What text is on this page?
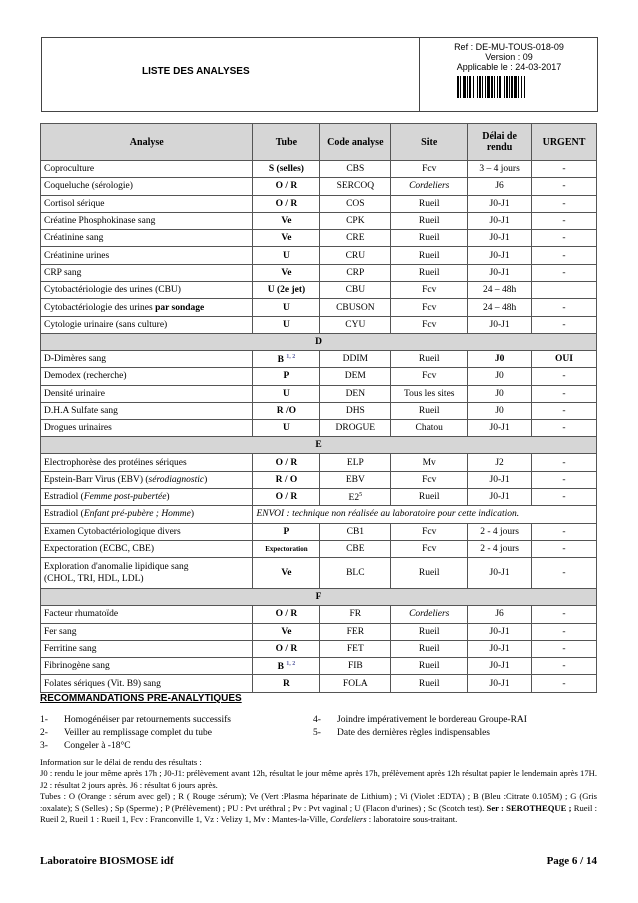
LISTE DES ANALYSES
Ref : DE-MU-TOUS-018-09
Version : 09
Applicable le : 24-03-2017
Analyse	Tube	Code analyse	Site	Délai de rendu	URGENT
Coproculture	S (selles)	CBS	Fcv	3 – 4 jours	-
Coqueluche (sérologie)	O / R	SERCOQ	Cordeliers	J6	-
Cortisol sérique	O / R	COS	Rueil	J0-J1	-
Créatine Phosphokinase sang	Ve	CPK	Rueil	J0-J1	-
Créatinine sang	Ve	CRE	Rueil	J0-J1	-
Créatinine urines	U	CRU	Rueil	J0-J1	-
CRP sang	Ve	CRP	Rueil	J0-J1	-
Cytobactériologie des urines (CBU)	U (2e jet)	CBU	Fcv	24 – 48h	
Cytobactériologie des urines par sondage	U	CBUSON	Fcv	24 – 48h	-
Cytologie urinaire (sans culture)	U	CYU	Fcv	J0-J1	-
D					
D-Dimères sang	B $^{1, 2}$	DDIM	Rueil	J0	OUI
Demodex (recherche)	P	DEM	Fcv	J0	-
Densité urinaire	U	DEN	Tous les sites	J0	-
D.H.A Sulfate sang	R /O	DHS	Rueil	J0	-
Drogues urinaires	U	DROGUE	Chatou	J0-J1	-
E					
Electrophorèse des protéines sériques	O / R	ELP	Mv	J2	-
Epstein-Barr Virus (EBV) (sérodiagnostic)	R / O	EBV	Fcv	J0-J1	-
Estradiol (Femme post-pubertée)	O / R	$E2^5$	Rueil	J0-J1	-
Estradiol (Enfant pré-pubère ; Homme)	ENVOI : technique non réalisée au laboratoire pour cette indication.				
Examen Cytobactériologique divers	P	CB1	Fcv	2 - 4 jours	-
Expectoration (ECBC, CBE)	Expectoration	CBE	Fcv	2 - 4 jours	-
Exploration d'anomalie lipidique sang
(CHOL, TRI, HDL, LDL)	Ve	BLC	Rueil	J0-J1	-
F					
Facteur rhumatoïde	O / R	FR	Cordeliers	J6	-
Fer sang	Ve	FER	Rueil	J0-J1	-
Ferritine sang	O / R	FET	Rueil	J0-J1	-
Fibrinogène sang	B $^{1, 2}$	FIB	Rueil	J0-J1	-
Folates sériques (Vit. B9) sang	R	FOLA	Rueil	J0-J1	-
RECOMMANDATIONS PRE-ANALYTIQUES
1-	Homogénéiser par retournements successifs
2-	Veiller au remplissage complet du tube
3-	Congeler à -18°C
4-	Joindre impérativement le bordereau Groupe-RAI
5-	Date des dernières règles indispensables
Information sur le délai de rendu des résultats :
J0 : rendu le jour même après 17h ; J0-J1: prélèvement avant 12h, résultat le jour même après 17h, prélèvement après 12h résultat papier le lendemain après 17H. J2 : résultat 2 jours après. J6 : résultat 6 jours après.
Tubes : O (Orange : sérum avec gel) ; R ( Rouge :sérum); Ve (Vert :Plasma héparinate de Lithium) ; Vi (Violet :EDTA) ; B (Bleu :Citrate 0.105M) ; G (Gris :oxalate); S (Selles) ; Sp (Sperme) ; P (Prélèvement) ; PU : Pvt uréthral ; Pv : Pvt vaginal ; U (Flacon d'urines) ; Sc (Scotch test). Ser : SEROTHEQUE ; Rueil : Rueil 2, Rueil 1 : Rueil 1, Fcv : Franconville 1, Vz : Velizy 1, Mv : Mantes-la-Ville, Cordeliers : laboratoire sous-traitant.
Laboratoire BIOSMOSE idf	Page 6 / 14
